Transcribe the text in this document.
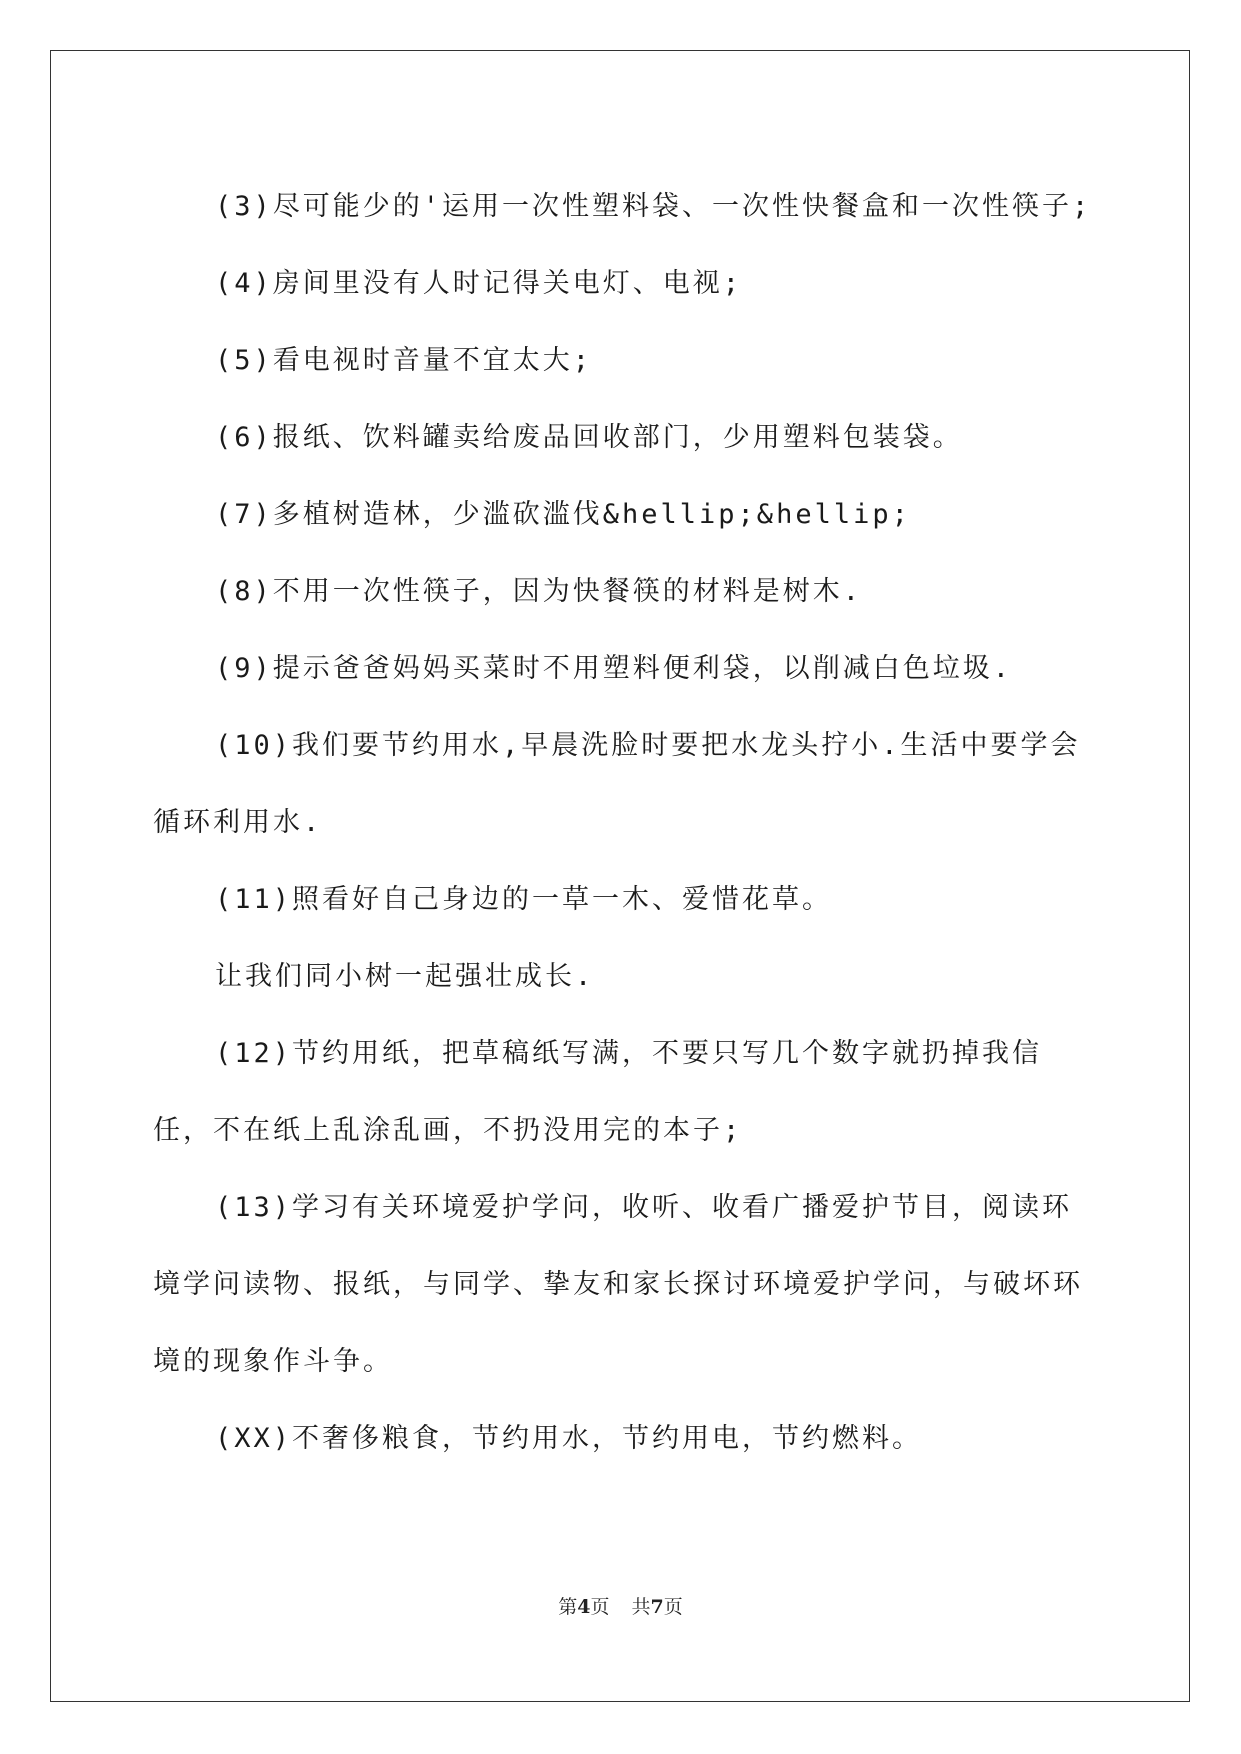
(3)尽可能少的'运用一次性塑料袋、一次性快餐盒和一次性筷子;

(4)房间里没有人时记得关电灯、电视;

(5)看电视时音量不宜太大;

(6)报纸、饮料罐卖给废品回收部门，少用塑料包装袋。

(7)多植树造林，少滥砍滥伐&hellip;&hellip;

(8)不用一次性筷子，因为快餐筷的材料是树木.

(9)提示爸爸妈妈买菜时不用塑料便利袋，以削减白色垃圾.

(10)我们要节约用水,早晨洗脸时要把水龙头拧小.生活中要学会循环利用水.

(11)照看好自己身边的一草一木、爱惜花草。

让我们同小树一起强壮成长.

(12)节约用纸，把草稿纸写满，不要只写几个数字就扔掉我信任，不在纸上乱涂乱画，不扔没用完的本子;

(13)学习有关环境爱护学问，收听、收看广播爱护节目，阅读环境学问读物、报纸，与同学、挚友和家长探讨环境爱护学问，与破坏环境的现象作斗争。

(XX)不奢侈粮食，节约用水，节约用电，节约燃料。

第4页 共7页
